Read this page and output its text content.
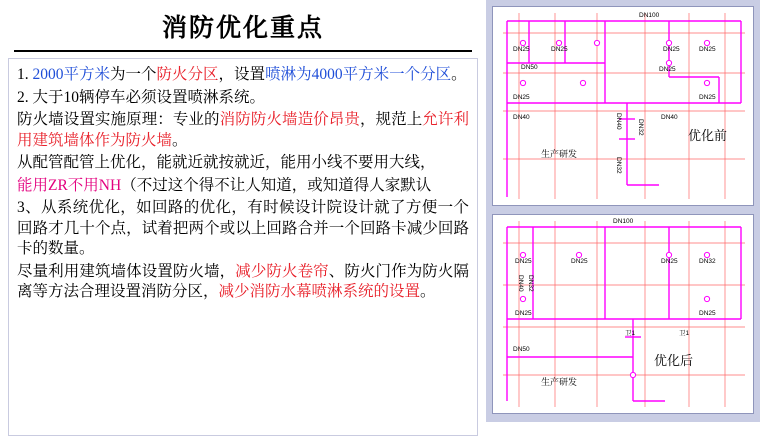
消防优化重点

1. 2000平方米为一个防火分区，设置喷淋为4000平方米一个分区。

2. 大于10辆停车必须设置喷淋系统。

防火墙设置实施原理：专业的消防防火墙造价昂贵，规范上允许利用建筑墙体作为防火墙。

从配管配管上优化，能就近就按就近，能用小线不要用大线，

能用ZR不用NH（不过这个得不让人知道，或知道得人家默认

3、从系统优化，如回路的优化，有时候设计院设计就了方便一个回路才几十个点，试着把两个或以上回路合并一个回路卡减少回路卡的数量。

尽量利用建筑墙体设置防火墙，减少防火卷帘、防火门作为防火隔离等方法合理设置消防分区，减少消防水幕喷淋系统的设置。

DN100
DN25	DN25	DN25	DN25
DN50
DN25
DN25
DN25
DN40	DN40
DN40 DN32
DN32
生产研发
优化前
DN100
DN25	DN25	DN25	DN32
DN25	DN25
DN40 DN32
卫1	卫1
DN50
生产研发
优化后
